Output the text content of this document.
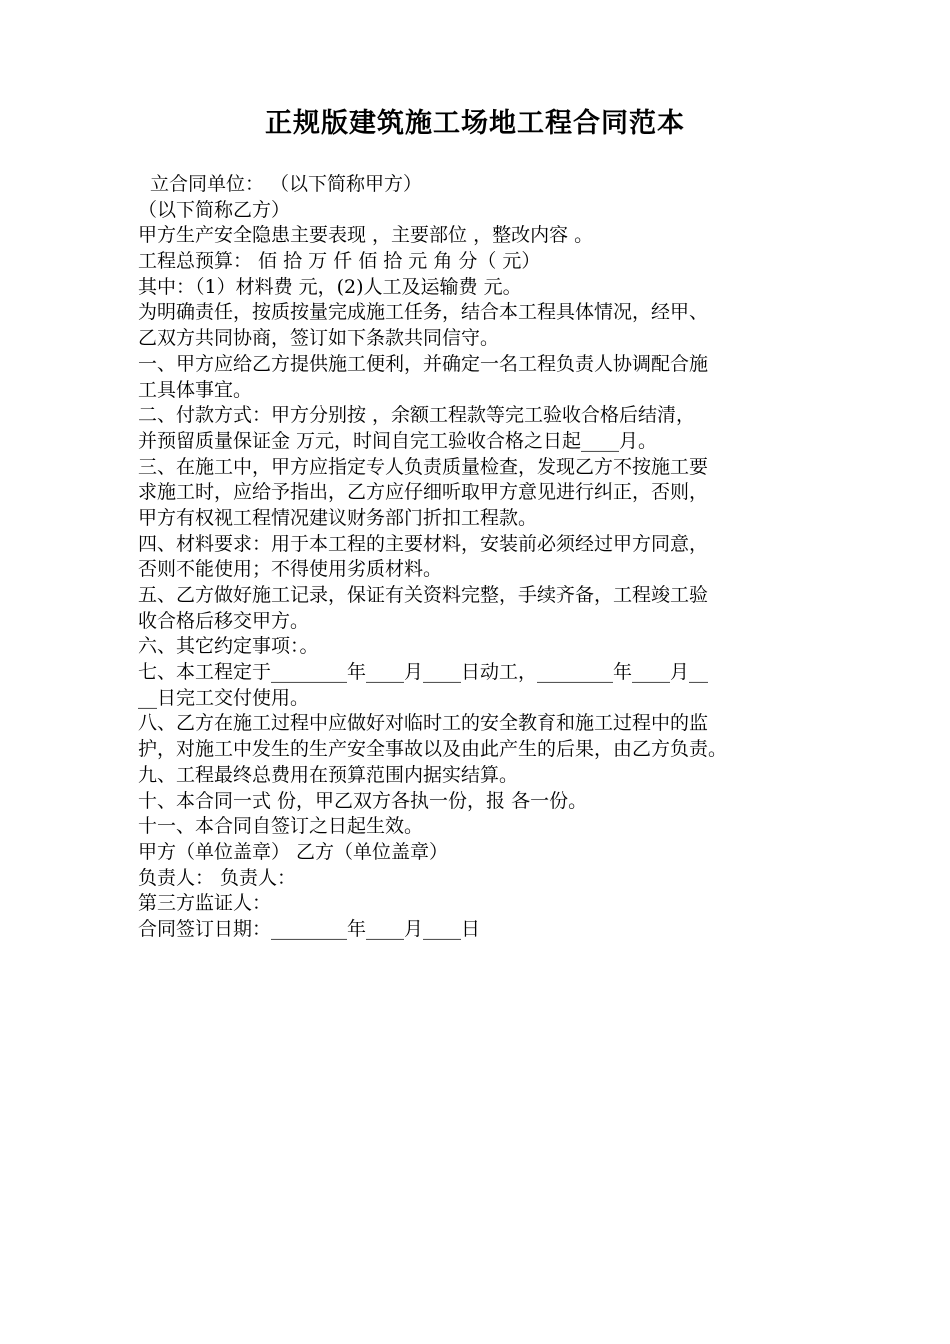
正规版建筑施工场地工程合同范本
立合同单位： （以下简称甲方）
（以下简称乙方）
甲方生产安全隐患主要表现 ，主要部位 ，整改内容 。
工程总预算： 佰 拾 万 仟 佰 拾 元 角 分（ 元）
其中：（1）材料费 元，(2)人工及运输费 元。
为明确责任，按质按量完成施工任务，结合本工程具体情况，经甲、
乙双方共同协商，签订如下条款共同信守。
一、甲方应给乙方提供施工便利，并确定一名工程负责人协调配合施
工具体事宜。
二、付款方式：甲方分别按 ，余额工程款等完工验收合格后结清，
并预留质量保证金 万元，时间自完工验收合格之日起____月。
三、在施工中，甲方应指定专人负责质量检查，发现乙方不按施工要
求施工时，应给予指出，乙方应仔细听取甲方意见进行纠正，否则，
甲方有权视工程情况建议财务部门折扣工程款。
四、材料要求：用于本工程的主要材料，安装前必须经过甲方同意，
否则不能使用；不得使用劣质材料。
五、乙方做好施工记录，保证有关资料完整，手续齐备，工程竣工验
收合格后移交甲方。
六、其它约定事项：。
七、本工程定于________年____月____日动工，________年____月__
__日完工交付使用。
八、乙方在施工过程中应做好对临时工的安全教育和施工过程中的监
护，对施工中发生的生产安全事故以及由此产生的后果，由乙方负责。
九、工程最终总费用在预算范围内据实结算。
十、本合同一式 份，甲乙双方各执一份，报 各一份。
十一、本合同自签订之日起生效。
甲方（单位盖章） 乙方（单位盖章）
负责人： 负责人：
第三方监证人：
合同签订日期：________年____月____日
